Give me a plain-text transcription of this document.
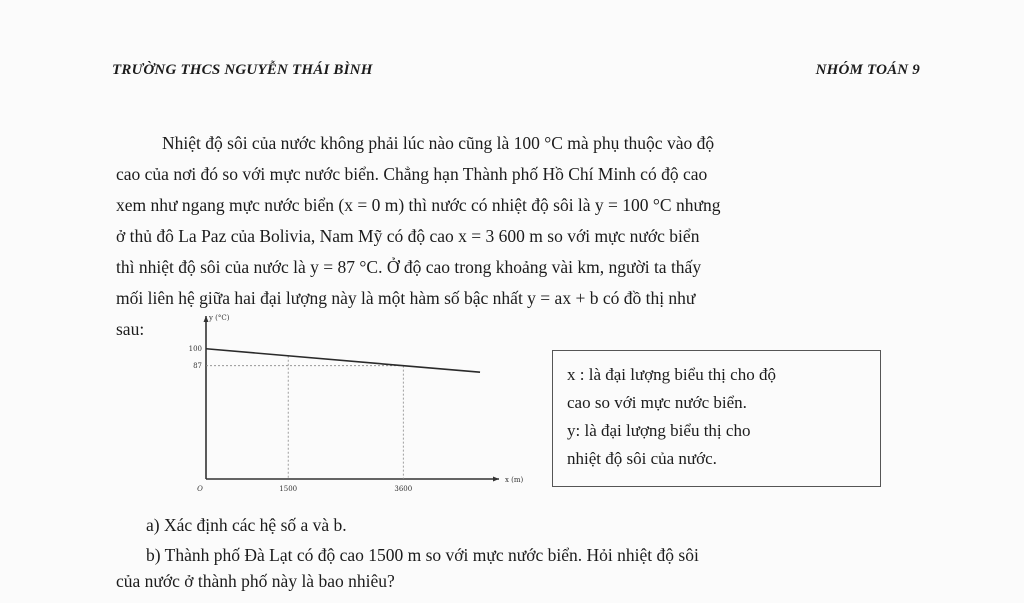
TRƯỜNG THCS NGUYỄN THÁI BÌNH	NHÓM TOÁN 9
Nhiệt độ sôi của nước không phải lúc nào cũng là 100 °C mà phụ thuộc vào độ
cao của nơi đó so với mực nước biển. Chẳng hạn Thành phố Hồ Chí Minh có độ cao
xem như ngang mực nước biển (x = 0 m) thì nước có nhiệt độ sôi là y = 100 °C nhưng
ở thủ đô La Paz của Bolivia, Nam Mỹ có độ cao x = 3 600 m so với mực nước biển
thì nhiệt độ sôi của nước là y = 87 °C. Ở độ cao trong khoảng vài km, người ta thấy
mối liên hệ giữa hai đại lượng này là một hàm số bậc nhất y = ax + b có đồ thị như
sau:
1500	3600
87
100
O
x (m)
y (°C)
x : là đại lượng biểu thị cho độ
cao so với mực nước biển.
y: là đại lượng biểu thị cho
nhiệt độ sôi của nước.
a) Xác định các hệ số a và b.
b) Thành phố Đà Lạt có độ cao 1500 m so với mực nước biển. Hỏi nhiệt độ sôi
của nước ở thành phố này là bao nhiêu?
